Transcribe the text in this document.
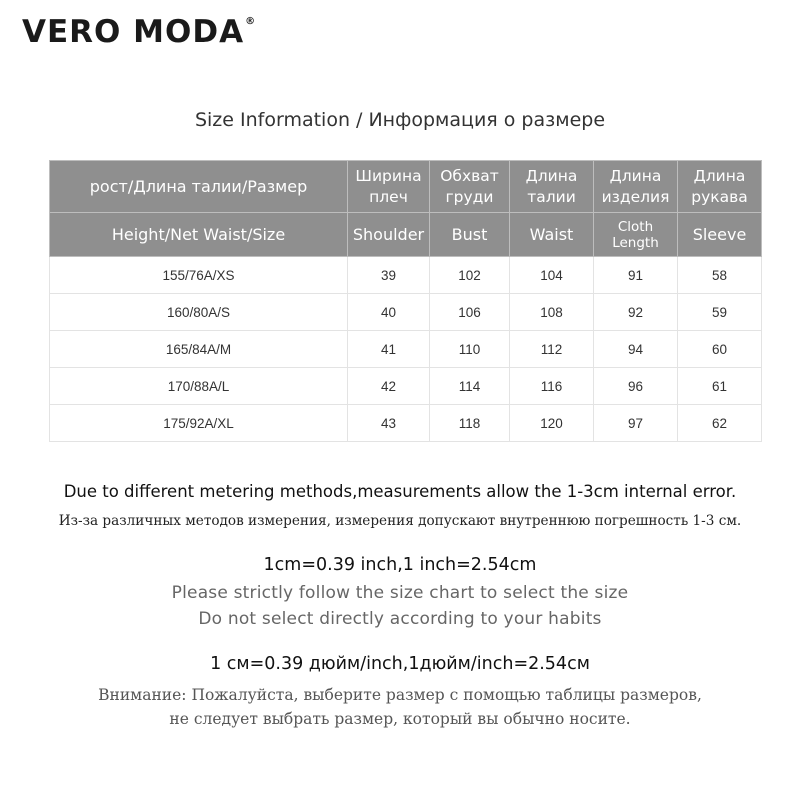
VERO MODA®
Size Information / Информация о размере
рост/Длина талии/Размер	Ширина плеч	Обхват груди	Длина талии	Длина изделия	Длина рукава
Height/Net Waist/Size	Shoulder	Bust	Waist	Cloth Length	Sleeve
155/76A/XS	39	102	104	91	58
160/80A/S	40	106	108	92	59
165/84A/M	41	110	112	94	60
170/88A/L	42	114	116	96	61
175/92A/XL	43	118	120	97	62
Due to different metering methods,measurements allow the 1-3cm internal error.
Из-за различных методов измерения, измерения допускают внутреннюю погрешность 1-3 см.
1cm=0.39 inch,1 inch=2.54cm
Please strictly follow the size chart to select the size
Do not select directly according to your habits
1 см=0.39 дюйм/inch,1дюйм/inch=2.54см
Внимание: Пожалуйста, выберите размер с помощью таблицы размеров,
не следует выбрать размер, который вы обычно носите.
